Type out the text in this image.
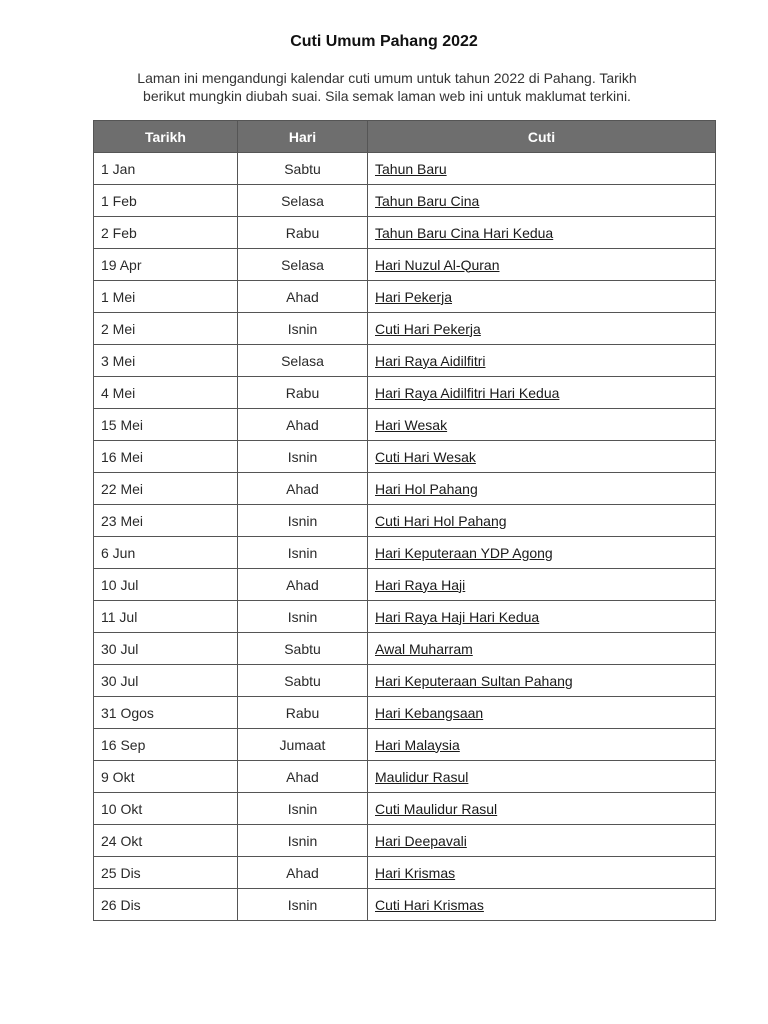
Cuti Umum Pahang 2022
Laman ini mengandungi kalendar cuti umum untuk tahun 2022 di Pahang. Tarikh
berikut mungkin diubah suai. Sila semak laman web ini untuk maklumat terkini.
Tarikh	Hari	Cuti
1 Jan	Sabtu	Tahun Baru
1 Feb	Selasa	Tahun Baru Cina
2 Feb	Rabu	Tahun Baru Cina Hari Kedua
19 Apr	Selasa	Hari Nuzul Al-Quran
1 Mei	Ahad	Hari Pekerja
2 Mei	Isnin	Cuti Hari Pekerja
3 Mei	Selasa	Hari Raya Aidilfitri
4 Mei	Rabu	Hari Raya Aidilfitri Hari Kedua
15 Mei	Ahad	Hari Wesak
16 Mei	Isnin	Cuti Hari Wesak
22 Mei	Ahad	Hari Hol Pahang
23 Mei	Isnin	Cuti Hari Hol Pahang
6 Jun	Isnin	Hari Keputeraan YDP Agong
10 Jul	Ahad	Hari Raya Haji
11 Jul	Isnin	Hari Raya Haji Hari Kedua
30 Jul	Sabtu	Awal Muharram
30 Jul	Sabtu	Hari Keputeraan Sultan Pahang
31 Ogos	Rabu	Hari Kebangsaan
16 Sep	Jumaat	Hari Malaysia
9 Okt	Ahad	Maulidur Rasul
10 Okt	Isnin	Cuti Maulidur Rasul
24 Okt	Isnin	Hari Deepavali
25 Dis	Ahad	Hari Krismas
26 Dis	Isnin	Cuti Hari Krismas
